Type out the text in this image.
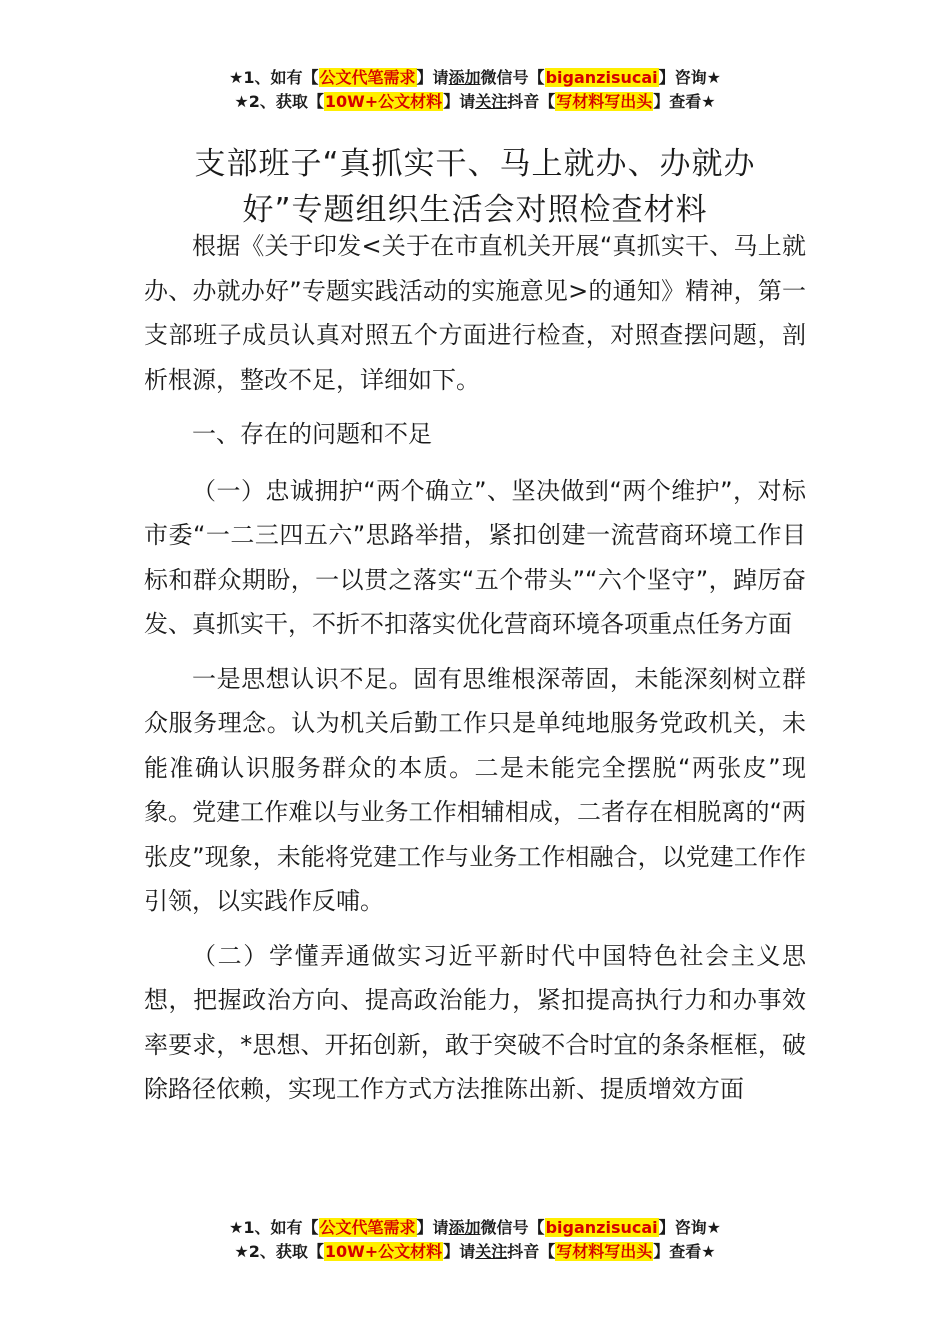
★1、如有【公文代笔需求】请添加微信号【biganzisucai】咨询★
★2、获取【10W+公文材料】请关注抖音【写材料写出头】查看★
支部班子“真抓实干、马上就办、办就办
好”专题组织生活会对照检查材料

根据《关于印发<关于在市直机关开展“真抓实干、马上就办、办就办好”专题实践活动的实施意见>的通知》精神，第一支部班子成员认真对照五个方面进行检查，对照查摆问题，剖析根源，整改不足，详细如下。

一、存在的问题和不足

（一）忠诚拥护“两个确立”、坚决做到“两个维护”，对标市委“一二三四五六”思路举措，紧扣创建一流营商环境工作目标和群众期盼，一以贯之落实“五个带头”“六个坚守”，踔厉奋发、真抓实干，不折不扣落实优化营商环境各项重点任务方面

一是思想认识不足。固有思维根深蒂固，未能深刻树立群众服务理念。认为机关后勤工作只是单纯地服务党政机关，未能准确认识服务群众的本质。二是未能完全摆脱“两张皮”现象。党建工作难以与业务工作相辅相成，二者存在相脱离的“两张皮”现象，未能将党建工作与业务工作相融合，以党建工作作引领，以实践作反哺。

（二）学懂弄通做实习近平新时代中国特色社会主义思想，把握政治方向、提高政治能力，紧扣提高执行力和办事效率要求，*思想、开拓创新，敢于突破不合时宜的条条框框，破除路径依赖，实现工作方式方法推陈出新、提质增效方面

★1、如有【公文代笔需求】请添加微信号【biganzisucai】咨询★
★2、获取【10W+公文材料】请关注抖音【写材料写出头】查看★
